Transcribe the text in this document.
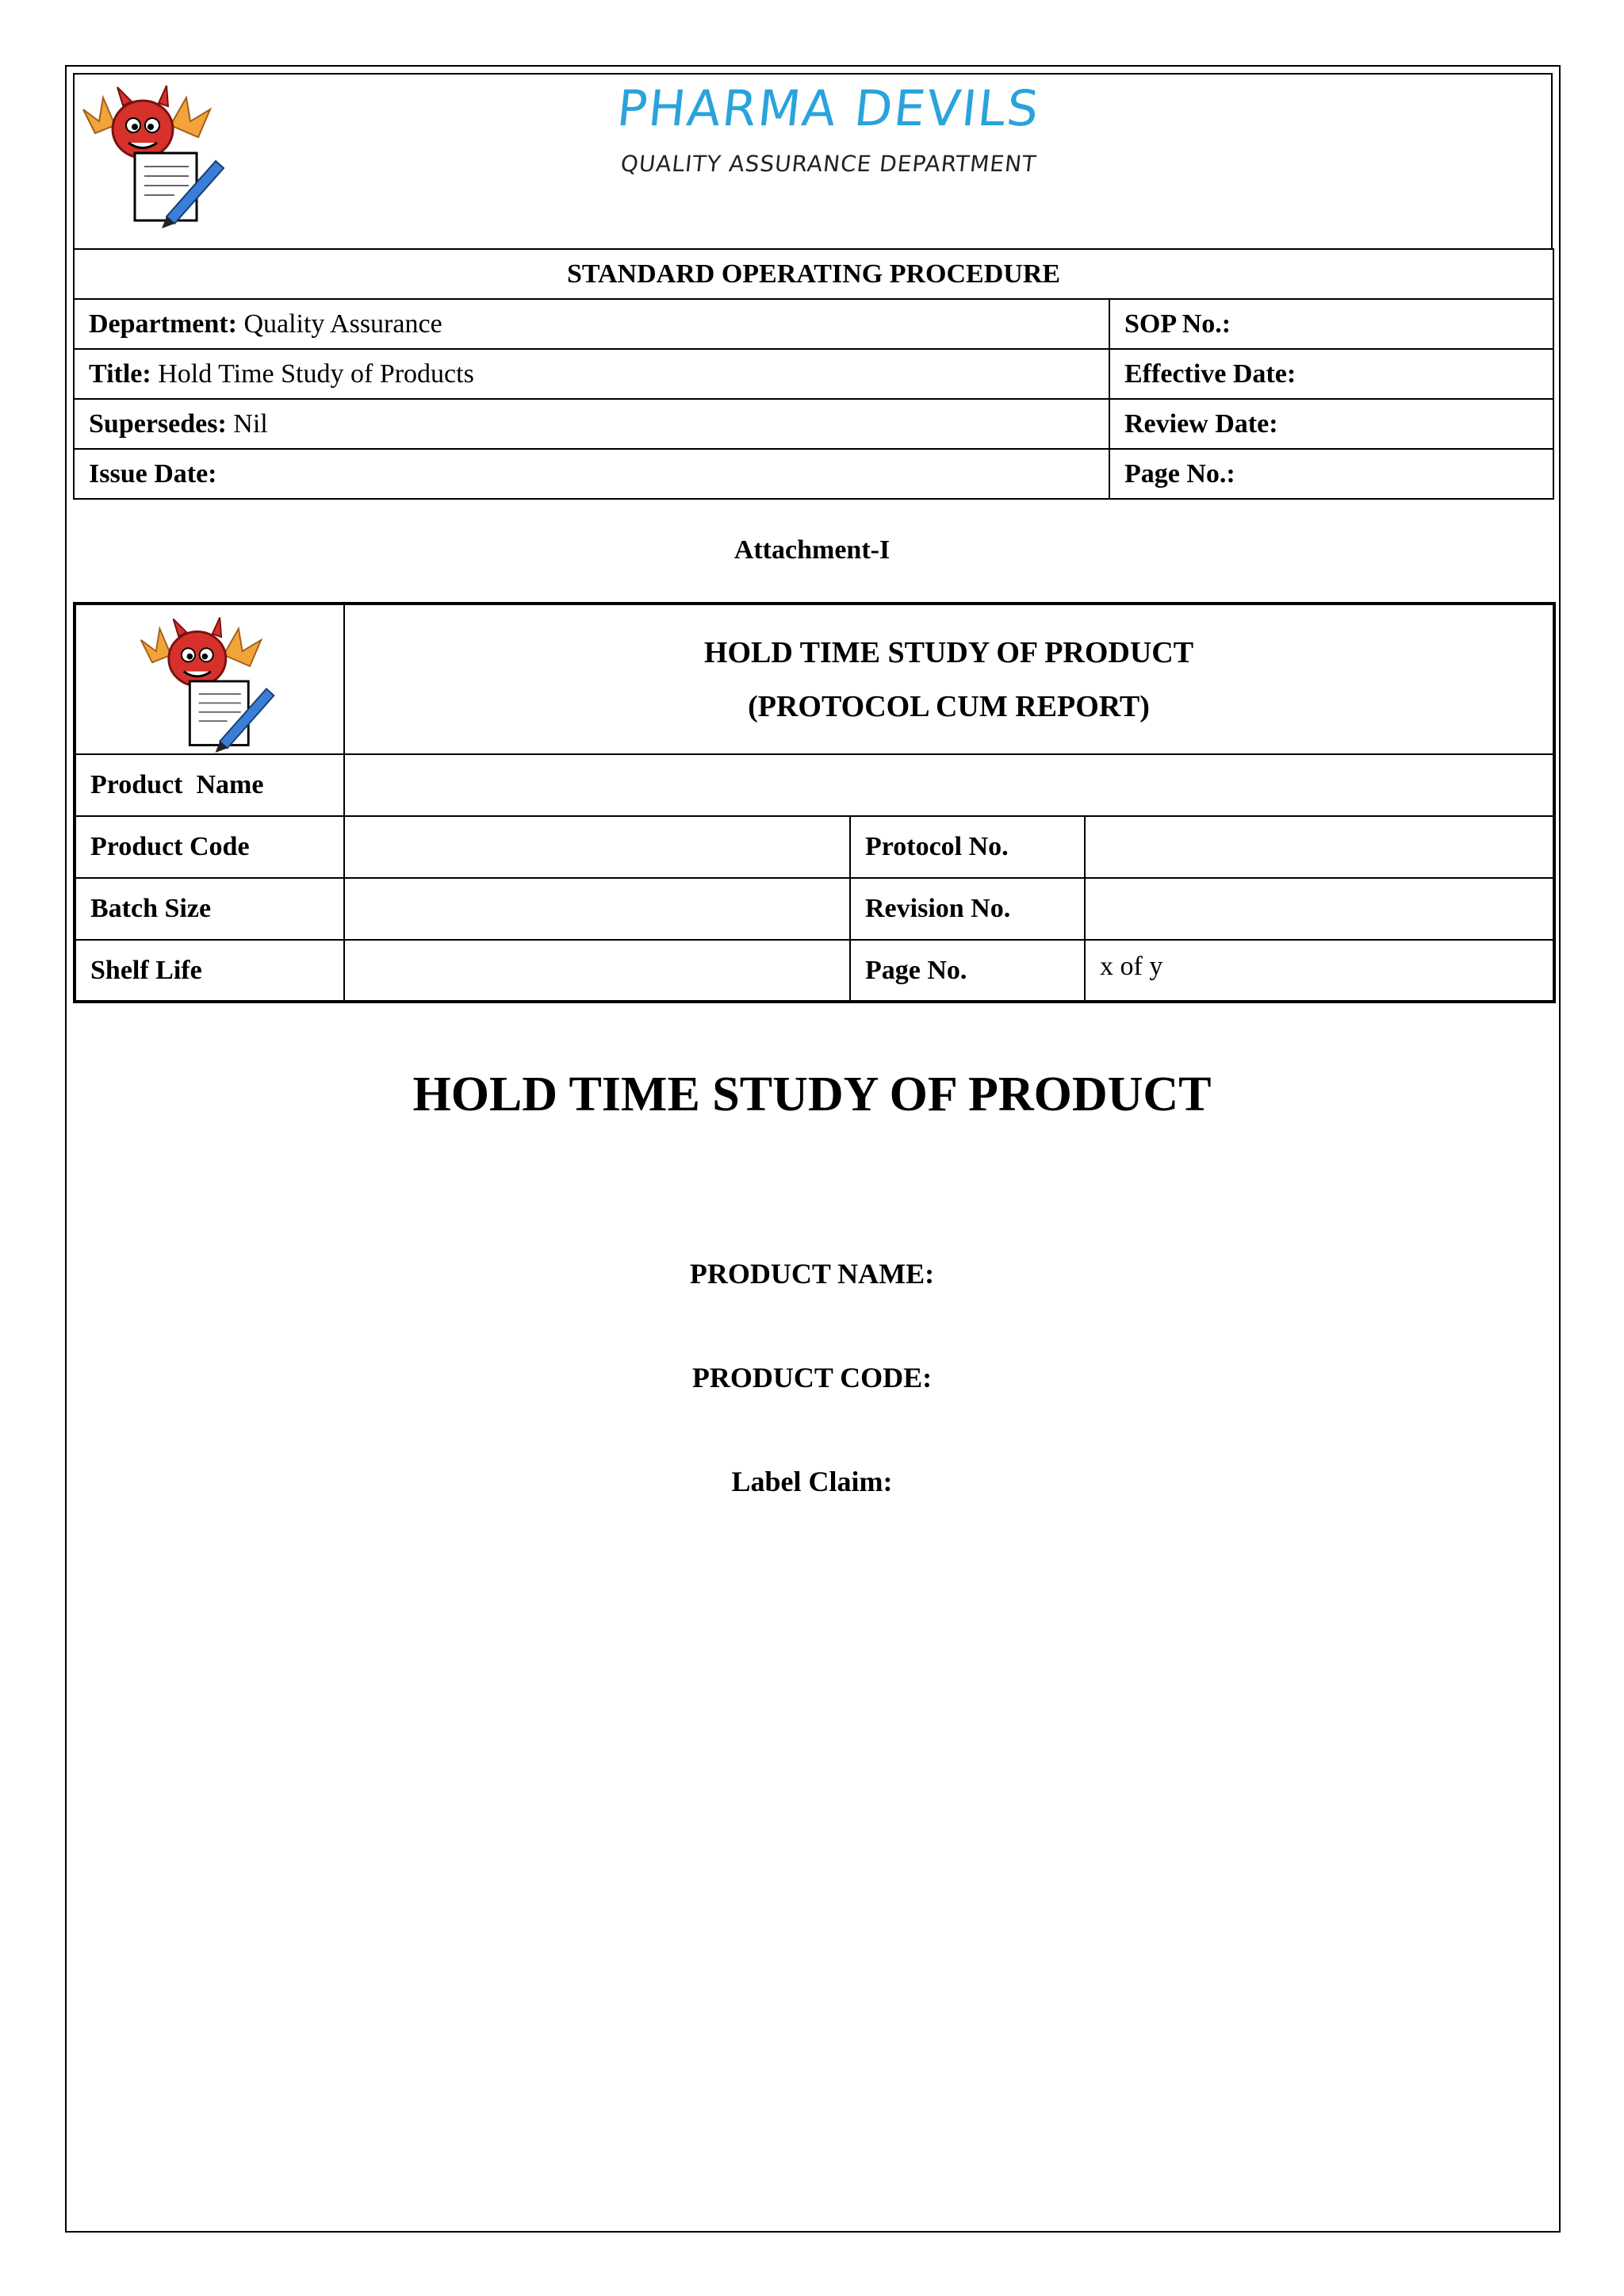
PHARMA DEVILS
QUALITY ASSURANCE DEPARTMENT
STANDARD OPERATING PROCEDURE	
Department: Quality Assurance	SOP No.:
Title: Hold Time Study of Products	Effective Date:
Supersedes: Nil	Review Date:
Issue Date:	Page No.:
Attachment-I

HOLD TIME STUDY OF PRODUCT
(PROTOCOL CUM REPORT)		

Product  Name			
Product Code		Protocol No.	
Batch Size		Revision No.	
Shelf Life		Page No.	x of y
HOLD TIME STUDY OF PRODUCT
PRODUCT NAME:
PRODUCT CODE:
Label Claim:
